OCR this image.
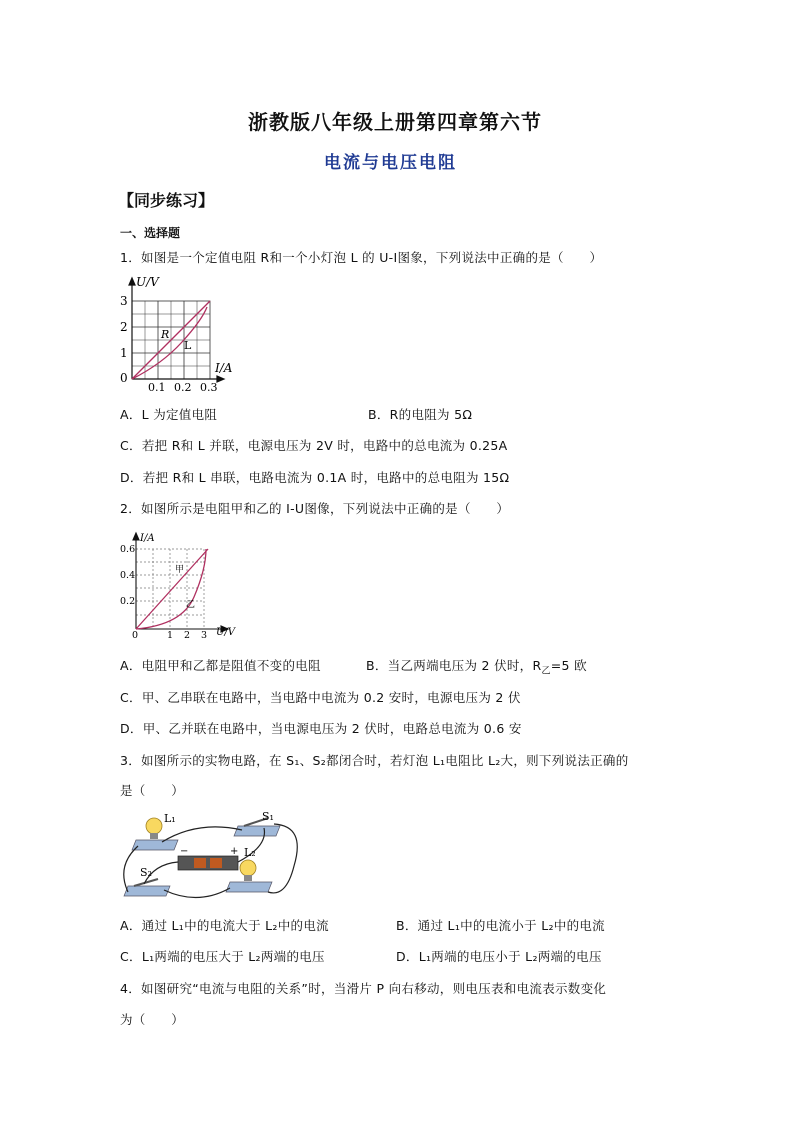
浙教版八年级上册第四章第六节
电流与电压电阻
【同步练习】
一、选择题
1．如图是一个定值电阻 R和一个小灯泡 L 的 U-I图象，下列说法中正确的是（　　）
U/V
3
2
1
0
0.1 0.2 0.3
I/A
R
L
A．L 为定值电阻	B．R的电阻为 5Ω
C．若把 R和 L 并联，电源电压为 2V 时，电路中的总电流为 0.25A
D．若把 R和 L 串联，电路电流为 0.1A 时，电路中的总电阻为 15Ω
2．如图所示是电阻甲和乙的 I-U图像，下列说法中正确的是（　　）
I/A
0.6
0.4
0.2
0	1 2 3 U/V
甲
乙
A．电阻甲和乙都是阻值不变的电阻	B．当乙两端电压为 2 伏时，$R_乙=5$ 欧
C．甲、乙串联在电路中，当电路中电流为 0.2 安时，电源电压为 2 伏
D．甲、乙并联在电路中，当电源电压为 2 伏时，电路总电流为 0.6 安
3．如图所示的实物电路，在 S₁、S₂都闭合时，若灯泡 L₁电阻比 L₂大，则下列说法正确的
是（　　）
L₁	S₁
S₂
L₂
−	+
A．通过 L₁中的电流大于 L₂中的电流	B．通过 L₁中的电流小于 L₂中的电流
C．L₁两端的电压大于 L₂两端的电压	D．L₁两端的电压小于 L₂两端的电压
4．如图研究“电流与电阻的关系”时，当滑片 P 向右移动，则电压表和电流表示数变化
为（　　）
